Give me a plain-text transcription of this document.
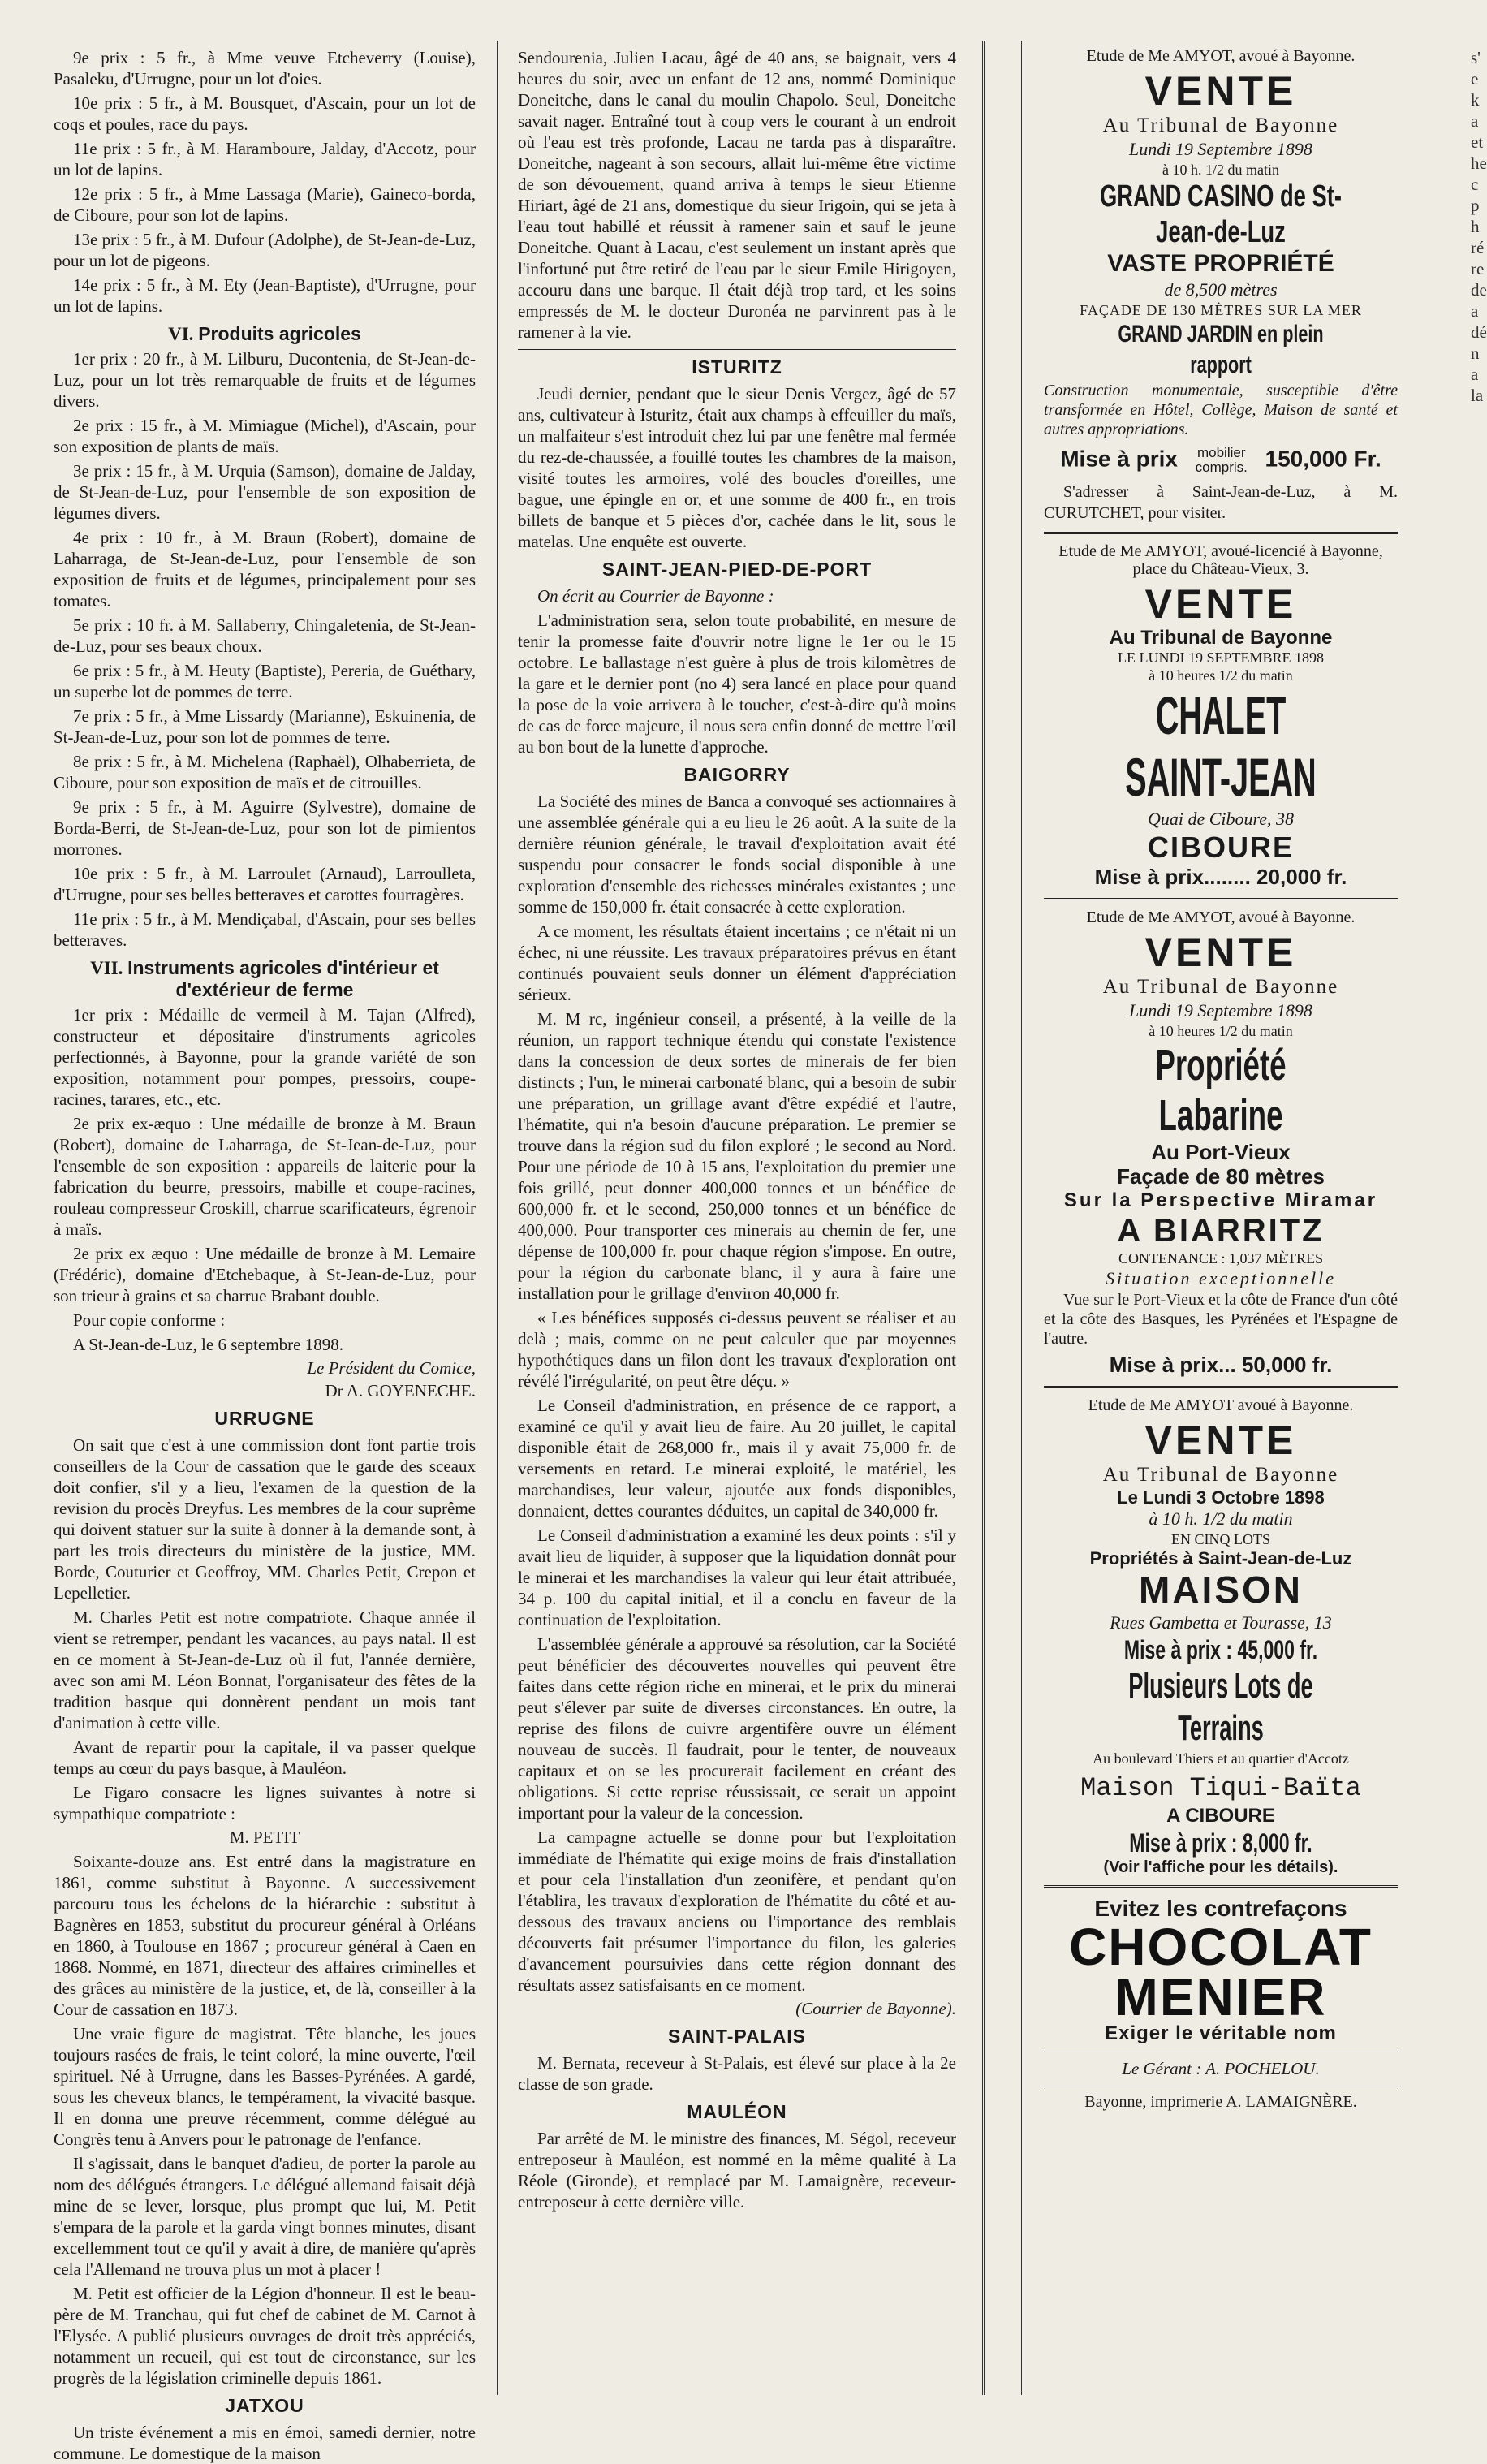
9e prix : 5 fr., à Mme veuve Etcheverry (Louise), Pasaleku, d'Urrugne, pour un lot d'oies.

10e prix : 5 fr., à M. Bousquet, d'Ascain, pour un lot de coqs et poules, race du pays.

11e prix : 5 fr., à M. Haramboure, Jalday, d'Accotz, pour un lot de lapins.

12e prix : 5 fr., à Mme Lassaga (Marie), Gaineco-borda, de Ciboure, pour son lot de lapins.

13e prix : 5 fr., à M. Dufour (Adolphe), de St-Jean-de-Luz, pour un lot de pigeons.

14e prix : 5 fr., à M. Ety (Jean-Baptiste), d'Urrugne, pour un lot de lapins.

VI. Produits agricoles

1er prix : 20 fr., à M. Lilburu, Ducontenia, de St-Jean-de-Luz, pour un lot très remarquable de fruits et de légumes divers.

2e prix : 15 fr., à M. Mimiague (Michel), d'Ascain, pour son exposition de plants de maïs.

3e prix : 15 fr., à M. Urquia (Samson), domaine de Jalday, de St-Jean-de-Luz, pour l'ensemble de son exposition de légumes divers.

4e prix : 10 fr., à M. Braun (Robert), domaine de Laharraga, de St-Jean-de-Luz, pour l'ensemble de son exposition de fruits et de légumes, principalement pour ses tomates.

5e prix : 10 fr. à M. Sallaberry, Chingaletenia, de St-Jean-de-Luz, pour ses beaux choux.

6e prix : 5 fr., à M. Heuty (Baptiste), Pereria, de Guéthary, un superbe lot de pommes de terre.

7e prix : 5 fr., à Mme Lissardy (Marianne), Eskuinenia, de St-Jean-de-Luz, pour son lot de pommes de terre.

8e prix : 5 fr., à M. Michelena (Raphaël), Olhaberrieta, de Ciboure, pour son exposition de maïs et de citrouilles.

9e prix : 5 fr., à M. Aguirre (Sylvestre), domaine de Borda-Berri, de St-Jean-de-Luz, pour son lot de pimientos morrones.

10e prix : 5 fr., à M. Larroulet (Arnaud), Larroulleta, d'Urrugne, pour ses belles betteraves et carottes fourragères.

11e prix : 5 fr., à M. Mendiçabal, d'Ascain, pour ses belles betteraves.

VII. Instruments agricoles d'intérieur et d'extérieur de ferme

1er prix : Médaille de vermeil à M. Tajan (Alfred), constructeur et dépositaire d'instruments agricoles perfectionnés, à Bayonne, pour la grande variété de son exposition, notamment pour pompes, pressoirs, coupe-racines, tarares, etc., etc.

2e prix ex-æquo : Une médaille de bronze à M. Braun (Robert), domaine de Laharraga, de St-Jean-de-Luz, pour l'ensemble de son exposition : appareils de laiterie pour la fabrication du beurre, pressoirs, mabille et coupe-racines, rouleau compresseur Croskill, charrue scarificateurs, égrenoir à maïs.

2e prix ex æquo : Une médaille de bronze à M. Lemaire (Frédéric), domaine d'Etchebaque, à St-Jean-de-Luz, pour son trieur à grains et sa charrue Brabant double.

Pour copie conforme :

A St-Jean-de-Luz, le 6 septembre 1898.

Le Président du Comice,
Dr A. GOYENECHE.
URRUGNE

On sait que c'est à une commission dont font partie trois conseillers de la Cour de cassation que le garde des sceaux doit confier, s'il y a lieu, l'examen de la question de la revision du procès Dreyfus. Les membres de la cour suprême qui doivent statuer sur la suite à donner à la demande sont, à part les trois directeurs du ministère de la justice, MM. Borde, Couturier et Geoffroy, MM. Charles Petit, Crepon et Lepelletier.

M. Charles Petit est notre compatriote. Chaque année il vient se retremper, pendant les vacances, au pays natal. Il est en ce moment à St-Jean-de-Luz où il fut, l'année dernière, avec son ami M. Léon Bonnat, l'organisateur des fêtes de la tradition basque qui donnèrent pendant un mois tant d'animation à cette ville.

Avant de repartir pour la capitale, il va passer quelque temps au cœur du pays basque, à Mauléon.

Le Figaro consacre les lignes suivantes à notre si sympathique compatriote :

M. PETIT

Soixante-douze ans. Est entré dans la magistrature en 1861, comme substitut à Bayonne. A successivement parcouru tous les échelons de la hiérarchie : substitut à Bagnères en 1853, substitut du procureur général à Orléans en 1860, à Toulouse en 1867 ; procureur général à Caen en 1868. Nommé, en 1871, directeur des affaires criminelles et des grâces au ministère de la justice, et, de là, conseiller à la Cour de cassation en 1873.

Une vraie figure de magistrat. Tête blanche, les joues toujours rasées de frais, le teint coloré, la mine ouverte, l'œil spirituel. Né à Urrugne, dans les Basses-Pyrénées. A gardé, sous les cheveux blancs, le tempérament, la vivacité basque. Il en donna une preuve récemment, comme délégué au Congrès tenu à Anvers pour le patronage de l'enfance.

Il s'agissait, dans le banquet d'adieu, de porter la parole au nom des délégués étrangers. Le délégué allemand faisait déjà mine de se lever, lorsque, plus prompt que lui, M. Petit s'empara de la parole et la garda vingt bonnes minutes, disant excellemment tout ce qu'il y avait à dire, de manière qu'après cela l'Allemand ne trouva plus un mot à placer !

M. Petit est officier de la Légion d'honneur. Il est le beau-père de M. Tranchau, qui fut chef de cabinet de M. Carnot à l'Elysée. A publié plusieurs ouvrages de droit très appréciés, notamment un recueil, qui est tout de circonstance, sur les progrès de la législation criminelle depuis 1861.

JATXOU

Un triste événement a mis en émoi, samedi dernier, notre commune. Le domestique de la maison

Sendourenia, Julien Lacau, âgé de 40 ans, se baignait, vers 4 heures du soir, avec un enfant de 12 ans, nommé Dominique Doneitche, dans le canal du moulin Chapolo. Seul, Doneitche savait nager. Entraîné tout à coup vers le courant à un endroit où l'eau est très profonde, Lacau ne tarda pas à disparaître. Doneitche, nageant à son secours, allait lui-même être victime de son dévouement, quand arriva à temps le sieur Etienne Hiriart, âgé de 21 ans, domestique du sieur Irigoin, qui se jeta à l'eau tout habillé et réussit à ramener sain et sauf le jeune Doneitche. Quant à Lacau, c'est seulement un instant après que l'infortuné put être retiré de l'eau par le sieur Emile Hirigoyen, accouru dans une barque. Il était déjà trop tard, et les soins empressés de M. le docteur Duronéa ne parvinrent pas à le ramener à la vie.

ISTURITZ

Jeudi dernier, pendant que le sieur Denis Vergez, âgé de 57 ans, cultivateur à Isturitz, était aux champs à effeuiller du maïs, un malfaiteur s'est introduit chez lui par une fenêtre mal fermée du rez-de-chaussée, a fouillé toutes les chambres de la maison, visité toutes les armoires, volé des boucles d'oreilles, une bague, une épingle en or, et une somme de 400 fr., en trois billets de banque et 5 pièces d'or, cachée dans le lit, sous le matelas. Une enquête est ouverte.

SAINT-JEAN-PIED-DE-PORT

On écrit au Courrier de Bayonne :

L'administration sera, selon toute probabilité, en mesure de tenir la promesse faite d'ouvrir notre ligne le 1er ou le 15 octobre. Le ballastage n'est guère à plus de trois kilomètres de la gare et le dernier pont (no 4) sera lancé en place pour quand la pose de la voie arrivera à le toucher, c'est-à-dire qu'à moins de cas de force majeure, il nous sera enfin donné de mettre l'œil au bon bout de la lunette d'approche.

BAIGORRY

La Société des mines de Banca a convoqué ses actionnaires à une assemblée générale qui a eu lieu le 26 août. A la suite de la dernière réunion générale, le travail d'exploitation avait été suspendu pour consacrer le fonds social disponible à une exploration d'ensemble des richesses minérales existantes ; une somme de 150,000 fr. était consacrée à cette exploration.

A ce moment, les résultats étaient incertains ; ce n'était ni un échec, ni une réussite. Les travaux préparatoires prévus en étant continués pouvaient seuls donner un élément d'appréciation sérieux.

M. M rc, ingénieur conseil, a présenté, à la veille de la réunion, un rapport technique étendu qui constate l'existence dans la concession de deux sortes de minerais de fer bien distincts ; l'un, le minerai carbonaté blanc, qui a besoin de subir une préparation, un grillage avant d'être expédié et l'autre, l'hématite, qui n'a besoin d'aucune préparation. Le premier se trouve dans la région sud du filon exploré ; le second au Nord. Pour une période de 10 à 15 ans, l'exploitation du premier une fois grillé, peut donner 400,000 tonnes et un bénéfice de 600,000 fr. et le second, 250,000 tonnes et un bénéfice de 400,000. Pour transporter ces minerais au chemin de fer, une dépense de 100,000 fr. pour chaque région s'impose. En outre, pour la région du carbonate blanc, il y aura à faire une installation pour le grillage d'environ 40,000 fr.

« Les bénéfices supposés ci-dessus peuvent se réaliser et au delà ; mais, comme on ne peut calculer que par moyennes hypothétiques dans un filon dont les travaux d'exploration ont révélé l'irrégularité, on peut être déçu. »

Le Conseil d'administration, en présence de ce rapport, a examiné ce qu'il y avait lieu de faire. Au 20 juillet, le capital disponible était de 268,000 fr., mais il y avait 75,000 fr. de versements en retard. Le minerai exploité, le matériel, les marchandises, leur valeur, ajoutée aux fonds disponibles, donnaient, dettes courantes déduites, un capital de 340,000 fr.

Le Conseil d'administration a examiné les deux points : s'il y avait lieu de liquider, à supposer que la liquidation donnât pour le minerai et les marchandises la valeur qui leur était attribuée, 34 p. 100 du capital initial, et il a conclu en faveur de la continuation de l'exploitation.

L'assemblée générale a approuvé sa résolution, car la Société peut bénéficier des découvertes nouvelles qui peuvent être faites dans cette région riche en minerai, et le prix du minerai peut s'élever par suite de diverses circonstances. En outre, la reprise des filons de cuivre argentifère ouvre un élément nouveau de succès. Il faudrait, pour le tenter, de nouveaux capitaux et on se les procurerait facilement en créant des obligations. Si cette reprise réussissait, ce serait un appoint important pour la valeur de la concession.

La campagne actuelle se donne pour but l'exploitation immédiate de l'hématite qui exige moins de frais d'installation et pour cela l'installation d'un zeonifère, et pendant qu'on l'établira, les travaux d'exploration de l'hématite du côté et au-dessous des travaux anciens ou l'importance des remblais découverts fait présumer l'importance du filon, les galeries d'avancement poursuivies dans cette région donnant des résultats assez satisfaisants en ce moment.

(Courrier de Bayonne).
SAINT-PALAIS

M. Bernata, receveur à St-Palais, est élevé sur place à la 2e classe de son grade.

MAULÉON

Par arrêté de M. le ministre des finances, M. Ségol, receveur entreposeur à Mauléon, est nommé en la même qualité à La Réole (Gironde), et remplacé par M. Lamaignère, receveur-entreposeur à cette dernière ville.

Etude de Me AMYOT, avoué à Bayonne.
VENTE
Au Tribunal de Bayonne
Lundi 19 Septembre 1898
à 10 h. 1/2 du matin
GRAND CASINO de St-Jean-de-Luz
VASTE PROPRIÉTÉ
de 8,500 mètres
FAÇADE DE 130 MÈTRES SUR LA MER
GRAND JARDIN en plein rapport

Construction monumentale, susceptible d'être transformée en Hôtel, Collège, Maison de santé et autres appropriations.

Mise à prix mobilier compris. 150,000 Fr.

S'adresser à Saint-Jean-de-Luz, à M. CURUTCHET, pour visiter.

Etude de Me AMYOT, avoué-licencié à Bayonne, place du Château-Vieux, 3.
VENTE
Au Tribunal de Bayonne
LE LUNDI 19 SEPTEMBRE 1898
à 10 heures 1/2 du matin
CHALET SAINT-JEAN
Quai de Ciboure, 38
CIBOURE
Mise à prix........ 20,000 fr.
Etude de Me AMYOT, avoué à Bayonne.
VENTE
Au Tribunal de Bayonne
Lundi 19 Septembre 1898
à 10 heures 1/2 du matin
Propriété Labarine
Au Port-Vieux
Façade de 80 mètres
Sur la Perspective Miramar
A BIARRITZ
CONTENANCE : 1,037 MÈTRES
Situation exceptionnelle

Vue sur le Port-Vieux et la côte de France d'un côté et la côte des Basques, les Pyrénées et l'Espagne de l'autre.

Mise à prix... 50,000 fr.
Etude de Me AMYOT avoué à Bayonne.
VENTE
Au Tribunal de Bayonne
Le Lundi 3 Octobre 1898
à 10 h. 1/2 du matin
EN CINQ LOTS
Propriétés à Saint-Jean-de-Luz
MAISON
Rues Gambetta et Tourasse, 13
Mise à prix : 45,000 fr.
Plusieurs Lots de Terrains
Au boulevard Thiers et au quartier d'Accotz
Maison Tiqui-Baïta
A CIBOURE
Mise à prix : 8,000 fr.
(Voir l'affiche pour les détails).
Evitez les contrefaçons
CHOCOLAT
MENIER
Exiger le véritable nom
Le Gérant : A. POCHELOU.
Bayonne, imprimerie A. LAMAIGNÈRE.
s'
e
k
a
et
he
c
p
h
ré
re
de
a
dé
n
a
la
